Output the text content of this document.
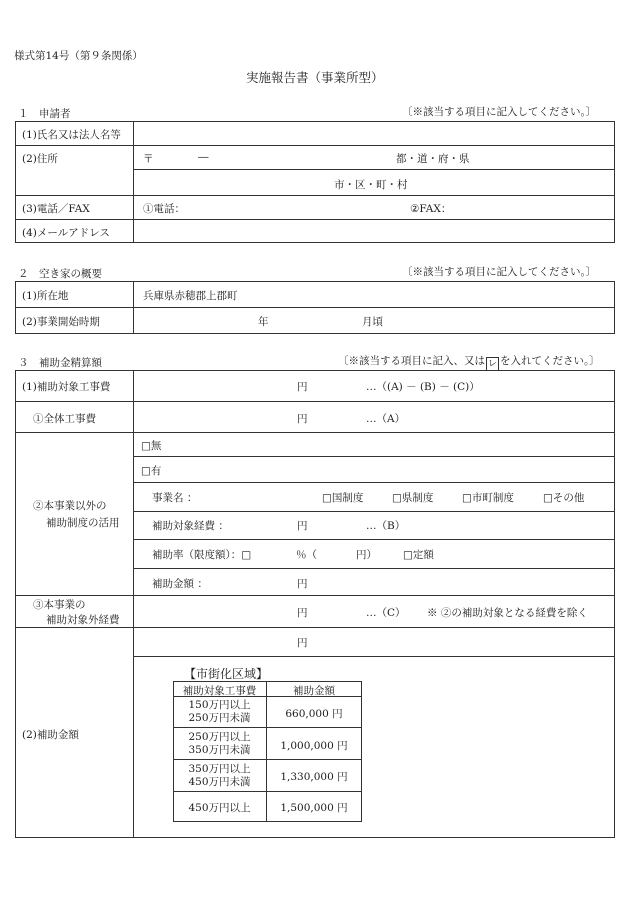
様式第14号（第９条関係）
実施報告書（事業所型）
１　申請者	〔※該当する項目に記入してください。〕
(1)氏名又は法人名等
(2)住所	〒	―	都・道・府・県
市・区・町・村
(3)電話／FAX	①電話：	②FAX：
(4)メールアドレス
２　空き家の概要	〔※該当する項目に記入してください。〕
(1)所在地	兵庫県赤穂郡上郡町
(2)事業開始時期	年	月頃
３　補助金精算額	〔※該当する項目に記入、又は レ を入れてください。〕
(1)補助対象工事費	円	…（(A) － (B) － (C)）
①全体工事費	円	…（A）
②本事業以外の
補助制度の活用
□無
□有
事業名 ：	□国制度	□県制度	□市町制度	□その他
補助対象経費 ：	円	…（B）
補助率（限度額）：□	％（	円） □定額
補助金額 ：	円
③本事業の
補助対象外経費
円	…（C） ※ ②の補助対象となる経費を除く
(2)補助金額
円
【市街化区域】
補助対象工事費	補助金額
150万円以上
250万円未満	660,000 円
250万円以上
350万円未満	1,000,000 円
350万円以上
450万円未満	1,330,000 円
450万円以上	1,500,000 円
